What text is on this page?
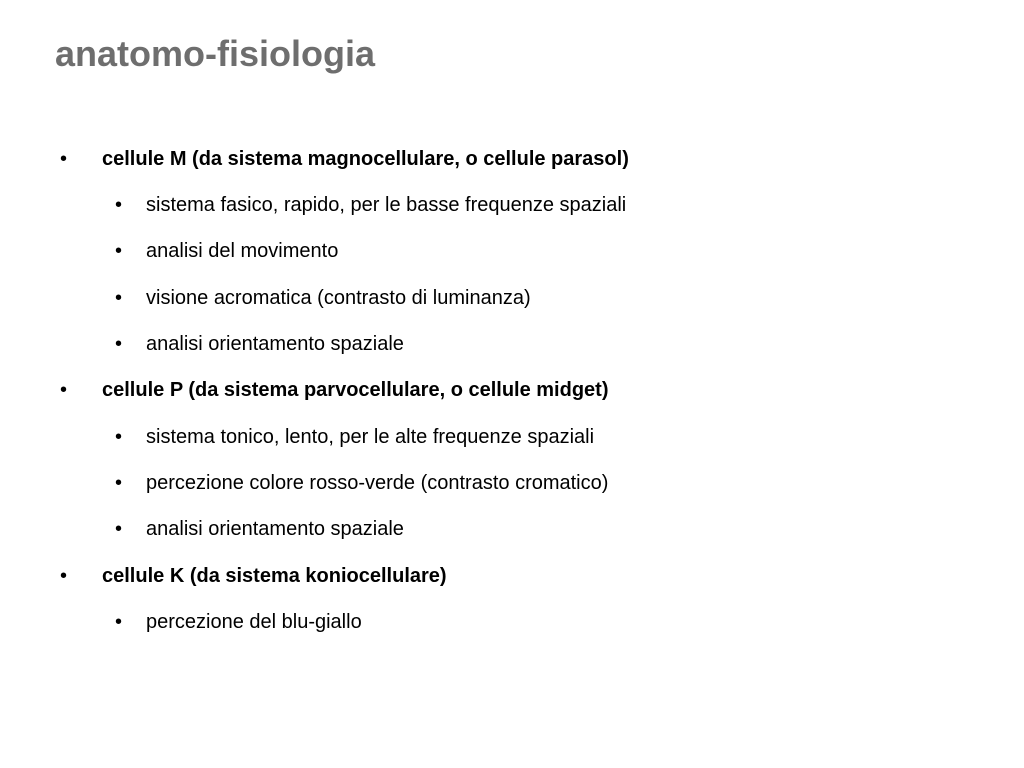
anatomo-fisiologia
• cellule M (da sistema magnocellulare, o cellule parasol)
• sistema fasico, rapido, per le basse frequenze spaziali
• analisi del movimento
• visione acromatica (contrasto di luminanza)
• analisi orientamento spaziale
• cellule P (da sistema parvocellulare, o cellule midget)
• sistema tonico, lento, per le alte frequenze spaziali
• percezione colore rosso-verde (contrasto cromatico)
• analisi orientamento spaziale
• cellule K (da sistema koniocellulare)
• percezione del blu-giallo
